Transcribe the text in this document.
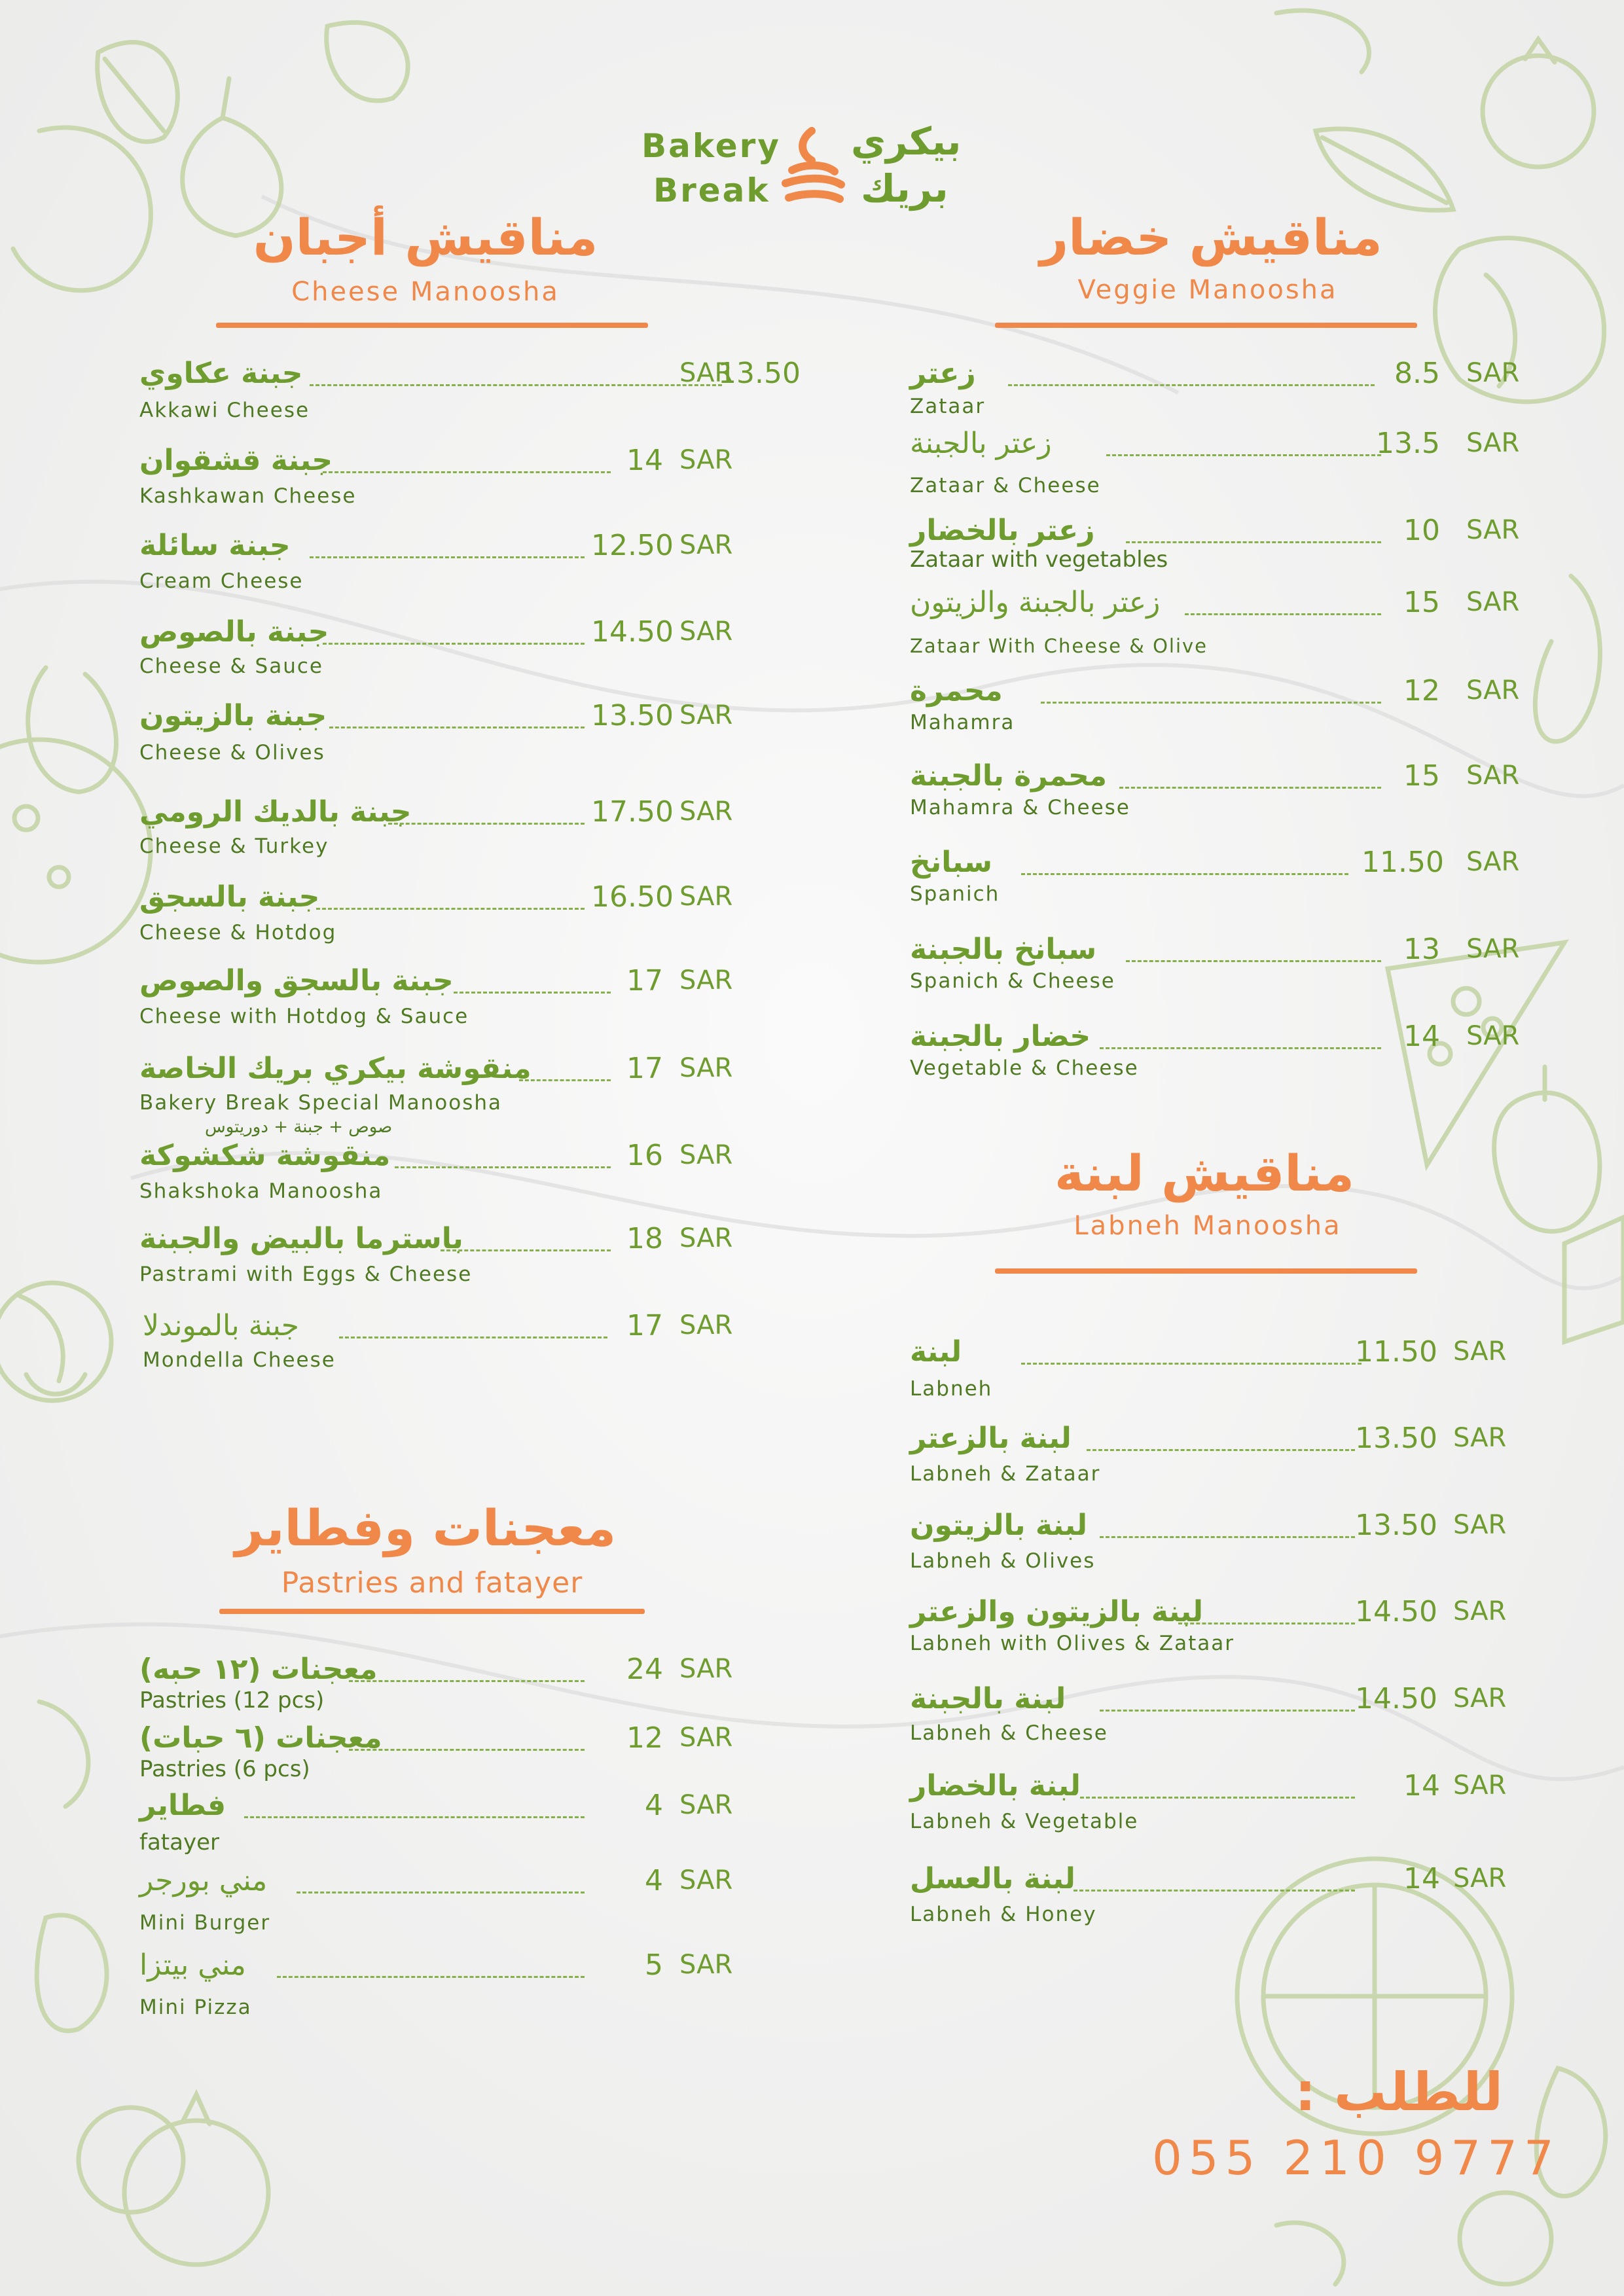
Bakery
Break
بيكري
بريك
مناقيش أجبان
Cheese Manoosha
جبنة عكاوي
Akkawi Cheese
13.50
SAR
جبنة قشقوان
Kashkawan Cheese
14 SAR
جبنة سائلة
Cream Cheese
12.50 SAR
جبنة بالصوص
Cheese & Sauce
14.50 SAR
جبنة بالزيتون
Cheese & Olives
13.50 SAR
جبنة بالديك الرومي
Cheese & Turkey
17.50 SAR
جبنة بالسجق
Cheese & Hotdog
16.50 SAR
جبنة بالسجق والصوص
Cheese with Hotdog & Sauce
17 SAR
منقوشة بيكري بريك الخاصة
Bakery Break Special Manoosha
صوص + جبنة + دوريتوس
17 SAR
منقوشة شكشوكة
Shakshoka Manoosha
16 SAR
باسترما بالبيض والجبنة
Pastrami with Eggs & Cheese
18 SAR
جبنة بالموندلا
Mondella Cheese
17 SAR
معجنات وفطاير
Pastries and fatayer
معجنات (١٢ حبه)
Pastries (12 pcs)
24 SAR
معجنات (٦ حبات)
Pastries (6 pcs)
12 SAR
فطاير
fatayer
4 SAR
مني بورجر
Mini Burger
4 SAR
مني بيتزا
Mini Pizza
5 SAR
مناقيش خضار
Veggie Manoosha
زعتر
Zataar
8.5 SAR
زعتر بالجبنة
Zataar & Cheese
13.5 SAR
زعتر بالخضار
Zataar with vegetables
10 SAR
زعتر بالجبنة والزيتون
Zataar With Cheese & Olive
15 SAR
محمرة
Mahamra
12 SAR
محمرة بالجبنة
Mahamra & Cheese
15 SAR
سبانخ
Spanich
11.50 SAR
سبانخ بالجبنة
Spanich & Cheese
13 SAR
خضار بالجبنة
Vegetable & Cheese
14 SAR
مناقيش لبنة
Labneh Manoosha
لبنة
Labneh
11.50 SAR
لبنة بالزعتر
Labneh & Zataar
13.50 SAR
لبنة بالزيتون
Labneh & Olives
13.50 SAR
لبنة بالزيتون والزعتر
Labneh with Olives & Zataar
14.50 SAR
لبنة بالجبنة
Labneh & Cheese
14.50 SAR
لبنة بالخضار
Labneh & Vegetable
14 SAR
لبنة بالعسل
Labneh & Honey
14 SAR
للطلب :
055 210 9777
